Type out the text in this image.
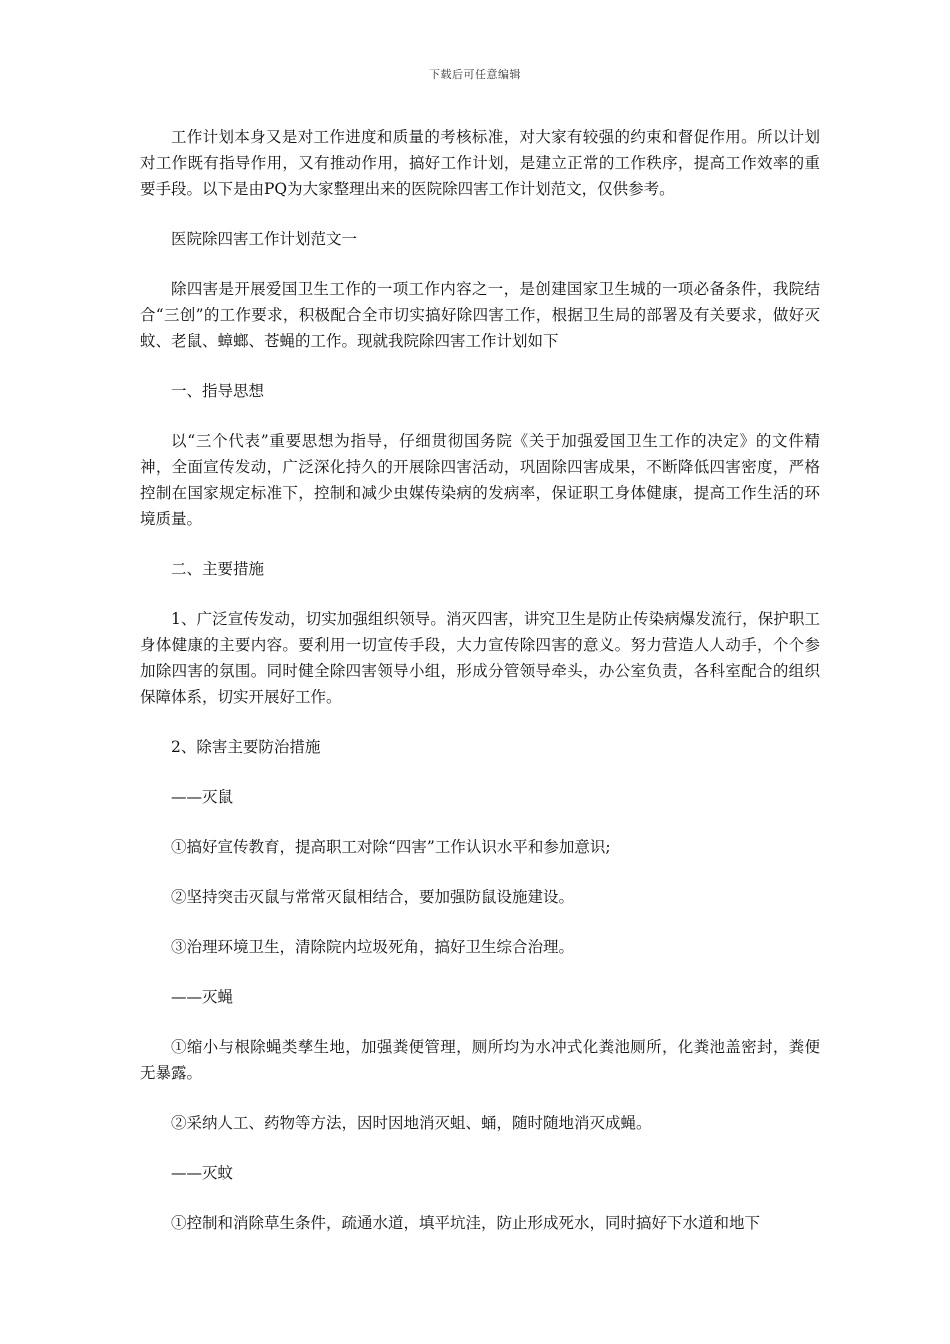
下载后可任意编辑

工作计划本身又是对工作进度和质量的考核标准，对大家有较强的约束和督促作用。所以计划对工作既有指导作用，又有推动作用，搞好工作计划，是建立正常的工作秩序，提高工作效率的重要手段。以下是由PQ为大家整理出来的医院除四害工作计划范文，仅供参考。

医院除四害工作计划范文一

除四害是开展爱国卫生工作的一项工作内容之一，是创建国家卫生城的一项必备条件，我院结合“三创”的工作要求，积极配合全市切实搞好除四害工作，根据卫生局的部署及有关要求，做好灭蚊、老鼠、蟑螂、苍蝇的工作。现就我院除四害工作计划如下

一、指导思想

以“三个代表”重要思想为指导，仔细贯彻国务院《关于加强爱国卫生工作的决定》的文件精神，全面宣传发动，广泛深化持久的开展除四害活动，巩固除四害成果，不断降低四害密度，严格控制在国家规定标准下，控制和减少虫媒传染病的发病率，保证职工身体健康，提高工作生活的环境质量。

二、主要措施

1、广泛宣传发动，切实加强组织领导。消灭四害，讲究卫生是防止传染病爆发流行，保护职工身体健康的主要内容。要利用一切宣传手段，大力宣传除四害的意义。努力营造人人动手，个个参加除四害的氛围。同时健全除四害领导小组，形成分管领导牵头，办公室负责，各科室配合的组织保障体系，切实开展好工作。

2、除害主要防治措施

——灭鼠

①搞好宣传教育，提高职工对除“四害”工作认识水平和参加意识;

②坚持突击灭鼠与常常灭鼠相结合，要加强防鼠设施建设。

③治理环境卫生，清除院内垃圾死角，搞好卫生综合治理。

——灭蝇

①缩小与根除蝇类孳生地，加强粪便管理，厕所均为水冲式化粪池厕所，化粪池盖密封，粪便无暴露。

②采纳人工、药物等方法，因时因地消灭蛆、蛹，随时随地消灭成蝇。

——灭蚊

①控制和消除草生条件，疏通水道，填平坑洼，防止形成死水，同时搞好下水道和地下
